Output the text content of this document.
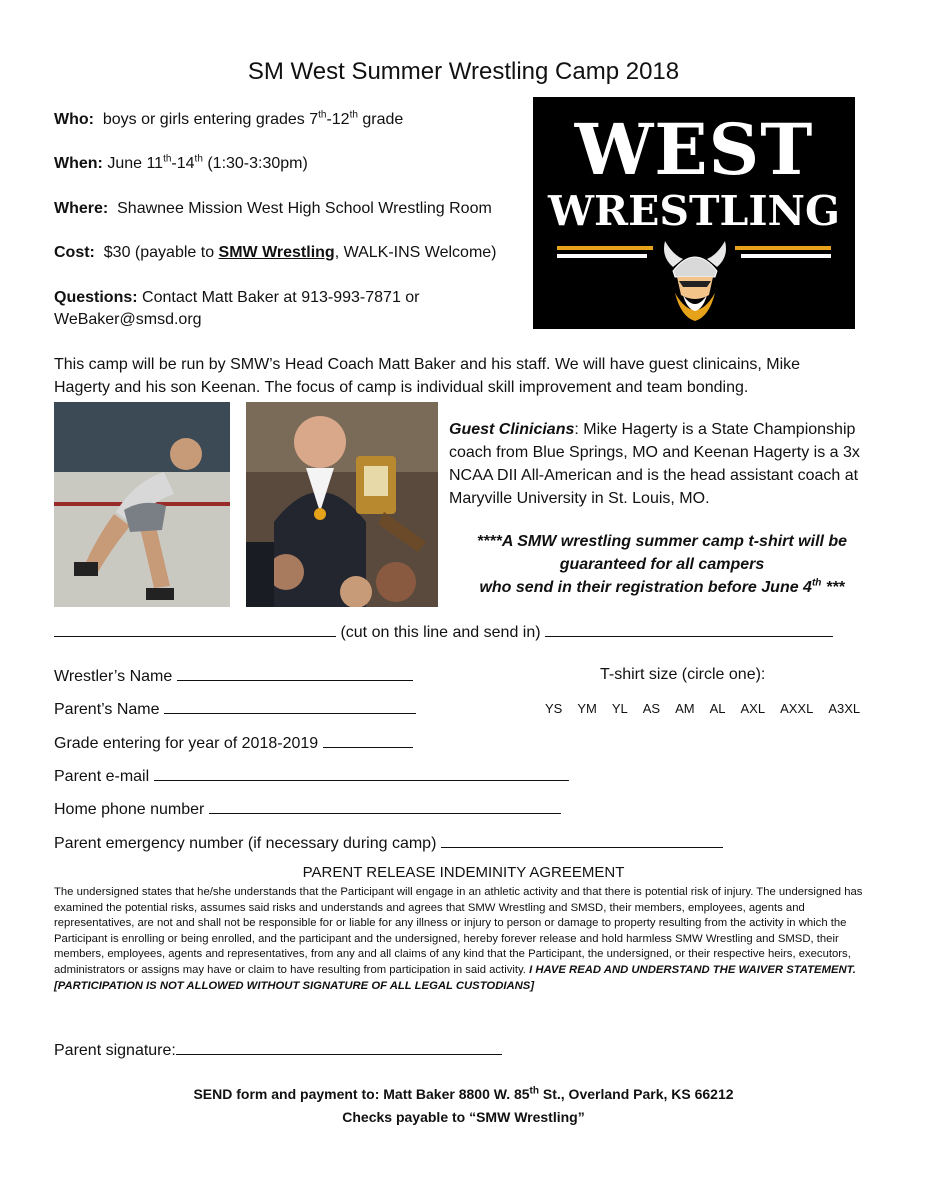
SM West Summer Wrestling Camp 2018
Who: boys or girls entering grades 7th-12th grade
When: June 11th-14th (1:30-3:30pm)
Where: Shawnee Mission West High School Wrestling Room
Cost: $30 (payable to SMW Wrestling, WALK-INS Welcome)
Questions: Contact Matt Baker at 913-993-7871 or
WeBaker@smsd.org
WEST
WRESTLING
This camp will be run by SMW’s Head Coach Matt Baker and his staff. We will have guest clinicains, Mike Hagerty and his son Keenan. The focus of camp is individual skill improvement and team bonding.
Guest Clinicians: Mike Hagerty is a State Championship coach from Blue Springs, MO and Keenan Hagerty is a 3x NCAA DII All-American and is the head assistant coach at Maryville University in St. Louis, MO.
****A SMW wrestling summer camp t-shirt will be
guaranteed for all campers
who send in their registration before June 4th ***
(cut on this line and send in)
Wrestler’s Name	T-shirt size (circle one):
Parent’s Name	YS YM YL AS AM AL AXL AXXL A3XL
Grade entering for year of 2018-2019
Parent e-mail
Home phone number
Parent emergency number (if necessary during camp)
PARENT RELEASE INDEMINITY AGREEMENT
The undersigned states that he/she understands that the Participant will engage in an athletic activity and that there is potential risk of injury. The undersigned has examined the potential risks, assumes said risks and understands and agrees that SMW Wrestling and SMSD, their members, employees, agents and representatives, are not and shall not be responsible for or liable for any illness or injury to person or damage to property resulting from the activity in which the Participant is enrolling or being enrolled, and the participant and the undersigned, hereby forever release and hold harmless SMW Wrestling and SMSD, their members, employees, agents and representatives, from any and all claims of any kind that the Participant, the undersigned, or their respective heirs, executors, administrators or assigns may have or claim to have resulting from participation in said activity. I HAVE READ AND UNDERSTAND THE WAIVER STATEMENT. [PARTICIPATION IS NOT ALLOWED WITHOUT SIGNATURE OF ALL LEGAL CUSTODIANS]
Parent signature:
SEND form and payment to: Matt Baker 8800 W. 85th St., Overland Park, KS 66212
Checks payable to “SMW Wrestling”
